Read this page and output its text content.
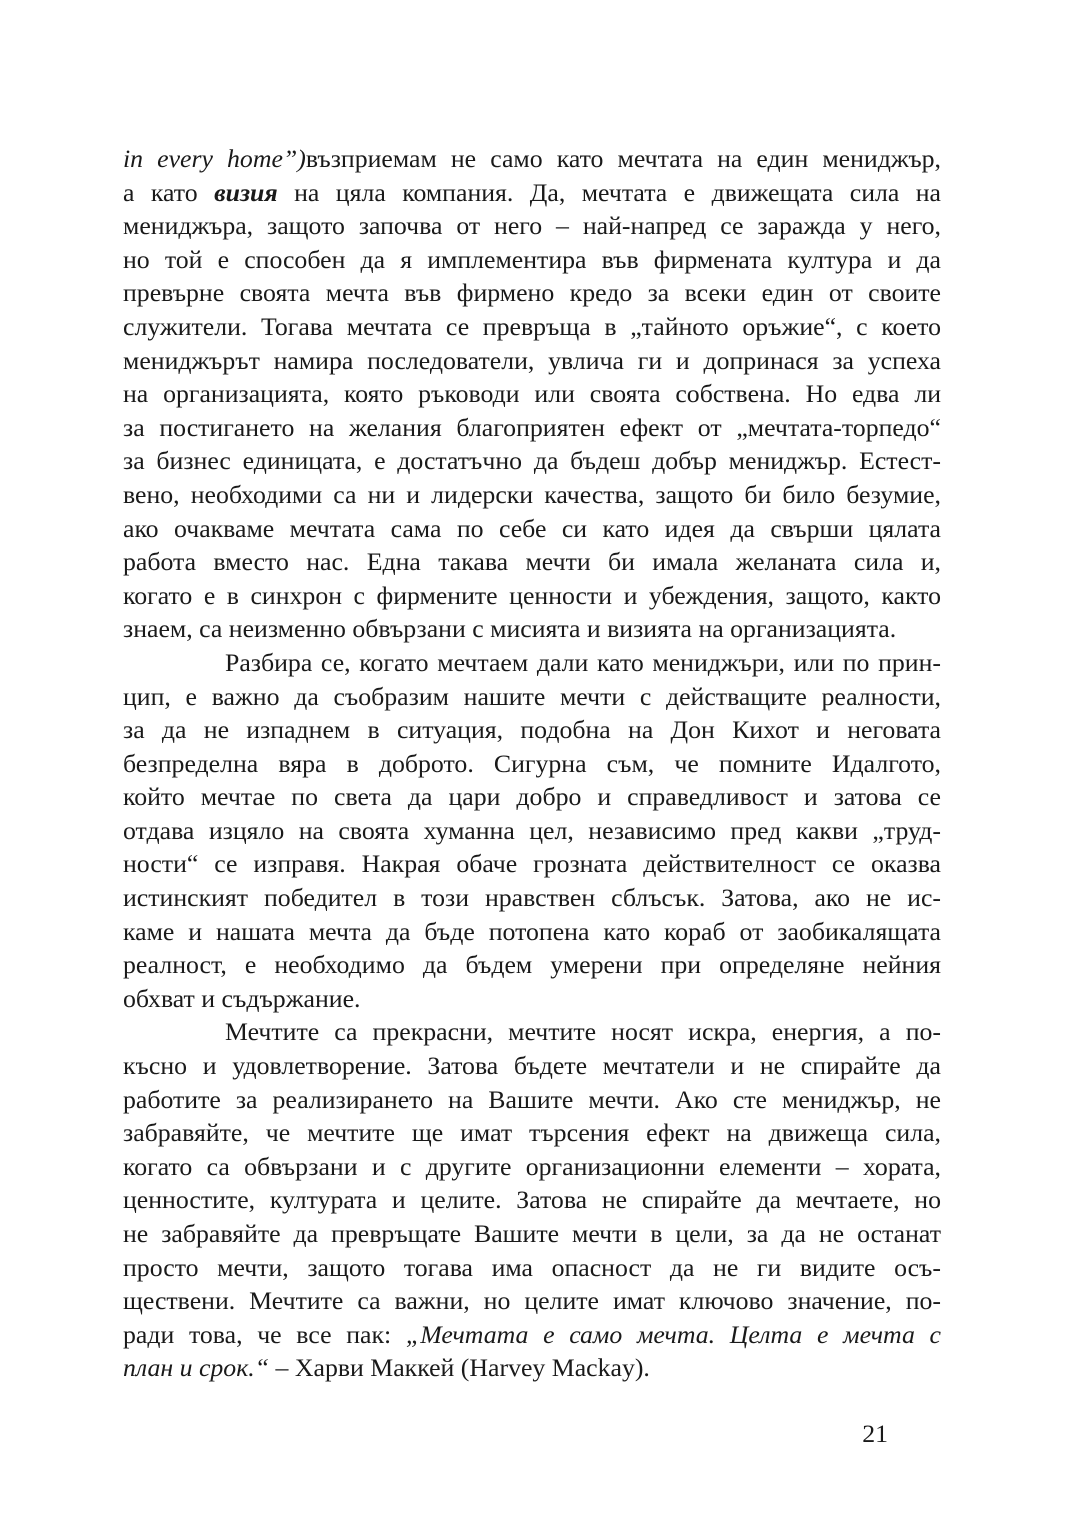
in every home”)възприемам не само като мечтата на един мениджър,
а като визия на цяла компания. Да, мечтата е движещата сила на
мениджъра, защото започва от него – най-напред се заражда у него,
но той е способен да я имплементира във фирмената култура и да
превърне своята мечта във фирмено кредо за всеки един от своите
служители. Тогава мечтата се превръща в „тайното оръжие“, с което
мениджърът намира последователи, увлича ги и допринася за успеха
на организацията, която ръководи или своята собствена. Но едва ли
за постигането на желания благоприятен ефект от „мечтата-торпедо“
за бизнес единицата, е достатъчно да бъдеш добър мениджър. Естест-
вено, необходими са ни и лидерски качества, защото би било безумие,
ако очакваме мечтата сама по себе си като идея да свърши цялата
работа вместо нас. Една такава мечти би имала желаната сила и,
когато е в синхрон с фирмените ценности и убеждения, защото, както
знаем, са неизменно обвързани с мисията и визията на организацията.

Разбира се, когато мечтаем дали като мениджъри, или по прин-
цип, е важно да съобразим нашите мечти с действащите реалности,
за да не изпаднем в ситуация, подобна на Дон Кихот и неговата
безпределна вяра в доброто. Сигурна съм, че помните Идалгото,
който мечтае по света да цари добро и справедливост и затова се
отдава изцяло на своята хуманна цел, независимо пред какви „труд-
ности“ се изправя. Накрая обаче грозната действителност се оказва
истинският победител в този нравствен сблъсък. Затова, ако не ис-
каме и нашата мечта да бъде потопена като кораб от заобикалящата
реалност, е необходимо да бъдем умерени при определяне нейния
обхват и съдържание.

Мечтите са прекрасни, мечтите носят искра, енергия, а по-
късно и удовлетворение. Затова бъдете мечтатели и не спирайте да
работите за реализирането на Вашите мечти. Ако сте мениджър, не
забравяйте, че мечтите ще имат търсения ефект на движеща сила,
когато са обвързани и с другите организационни елементи – хората,
ценностите, културата и целите. Затова не спирайте да мечтаете, но
не забравяйте да превръщате Вашите мечти в цели, за да не останат
просто мечти, защото тогава има опасност да не ги видите осъ-
ществени. Мечтите са важни, но целите имат ключово значение, по-
ради това, че все пак: „Мечтата е само мечта. Целта е мечта с
план и срок.“ – Харви Маккей (Harvey Mackay).

21
